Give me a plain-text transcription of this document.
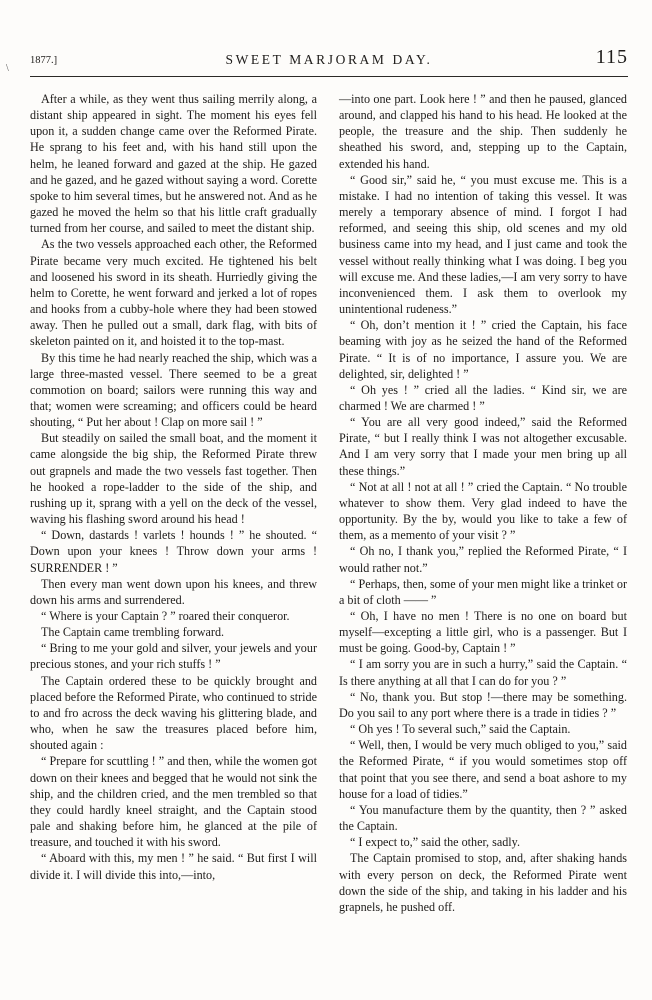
\
1877.]	SWEET MARJORAM DAY.	115

After a while, as they went thus sailing merrily along, a distant ship appeared in sight. The moment his eyes fell upon it, a sudden change came over the Reformed Pirate. He sprang to his feet and, with his hand still upon the helm, he leaned forward and gazed at the ship. He gazed and he gazed, and he gazed without saying a word. Corette spoke to him several times, but he answered not. And as he gazed he moved the helm so that his little craft gradually turned from her course, and sailed to meet the distant ship.

As the two vessels approached each other, the Reformed Pirate became very much excited. He tightened his belt and loosened his sword in its sheath. Hurriedly giving the helm to Corette, he went forward and jerked a lot of ropes and hooks from a cubby-hole where they had been stowed away. Then he pulled out a small, dark flag, with bits of skeleton painted on it, and hoisted it to the top-mast.

By this time he had nearly reached the ship, which was a large three-masted vessel. There seemed to be a great commotion on board; sailors were running this way and that; women were screaming; and officers could be heard shouting, “ Put her about ! Clap on more sail ! ”

But steadily on sailed the small boat, and the moment it came alongside the big ship, the Reformed Pirate threw out grapnels and made the two vessels fast together. Then he hooked a rope-ladder to the side of the ship, and rushing up it, sprang with a yell on the deck of the vessel, waving his flashing sword around his head !

“ Down, dastards ! varlets ! hounds ! ” he shouted. “ Down upon your knees ! Throw down your arms ! SURRENDER ! ”

Then every man went down upon his knees, and threw down his arms and surrendered.

“ Where is your Captain ? ” roared their conqueror.

The Captain came trembling forward.

“ Bring to me your gold and silver, your jewels and your precious stones, and your rich stuffs ! ”

The Captain ordered these to be quickly brought and placed before the Reformed Pirate, who continued to stride to and fro across the deck waving his glittering blade, and who, when he saw the treasures placed before him, shouted again :

“ Prepare for scuttling ! ” and then, while the women got down on their knees and begged that he would not sink the ship, and the children cried, and the men trembled so that they could hardly kneel straight, and the Captain stood pale and shaking before him, he glanced at the pile of treasure, and touched it with his sword.

“ Aboard with this, my men ! ” he said. “ But first I will divide it. I will divide this into,—into,

—into one part. Look here ! ” and then he paused, glanced around, and clapped his hand to his head. He looked at the people, the treasure and the ship. Then suddenly he sheathed his sword, and, stepping up to the Captain, extended his hand.

“ Good sir,” said he, “ you must excuse me. This is a mistake. I had no intention of taking this vessel. It was merely a temporary absence of mind. I forgot I had reformed, and seeing this ship, old scenes and my old business came into my head, and I just came and took the vessel without really thinking what I was doing. I beg you will excuse me. And these ladies,—I am very sorry to have inconvenienced them. I ask them to overlook my unintentional rudeness.”

“ Oh, don’t mention it ! ” cried the Captain, his face beaming with joy as he seized the hand of the Reformed Pirate. “ It is of no importance, I assure you. We are delighted, sir, delighted ! ”

“ Oh yes ! ” cried all the ladies. “ Kind sir, we are charmed ! We are charmed ! ”

“ You are all very good indeed,” said the Reformed Pirate, “ but I really think I was not altogether excusable. And I am very sorry that I made your men bring up all these things.”

“ Not at all ! not at all ! ” cried the Captain. “ No trouble whatever to show them. Very glad indeed to have the opportunity. By the by, would you like to take a few of them, as a memento of your visit ? ”

“ Oh no, I thank you,” replied the Reformed Pirate, “ I would rather not.”

“ Perhaps, then, some of your men might like a trinket or a bit of cloth —— ”

“ Oh, I have no men ! There is no one on board but myself—excepting a little girl, who is a passenger. But I must be going. Good-by, Captain ! ”

“ I am sorry you are in such a hurry,” said the Captain. “ Is there anything at all that I can do for you ? ”

“ No, thank you. But stop !—there may be something. Do you sail to any port where there is a trade in tidies ? ”

“ Oh yes ! To several such,” said the Captain.

“ Well, then, I would be very much obliged to you,” said the Reformed Pirate, “ if you would sometimes stop off that point that you see there, and send a boat ashore to my house for a load of tidies.”

“ You manufacture them by the quantity, then ? ” asked the Captain.

“ I expect to,” said the other, sadly.

The Captain promised to stop, and, after shaking hands with every person on deck, the Reformed Pirate went down the side of the ship, and taking in his ladder and his grapnels, he pushed off.
